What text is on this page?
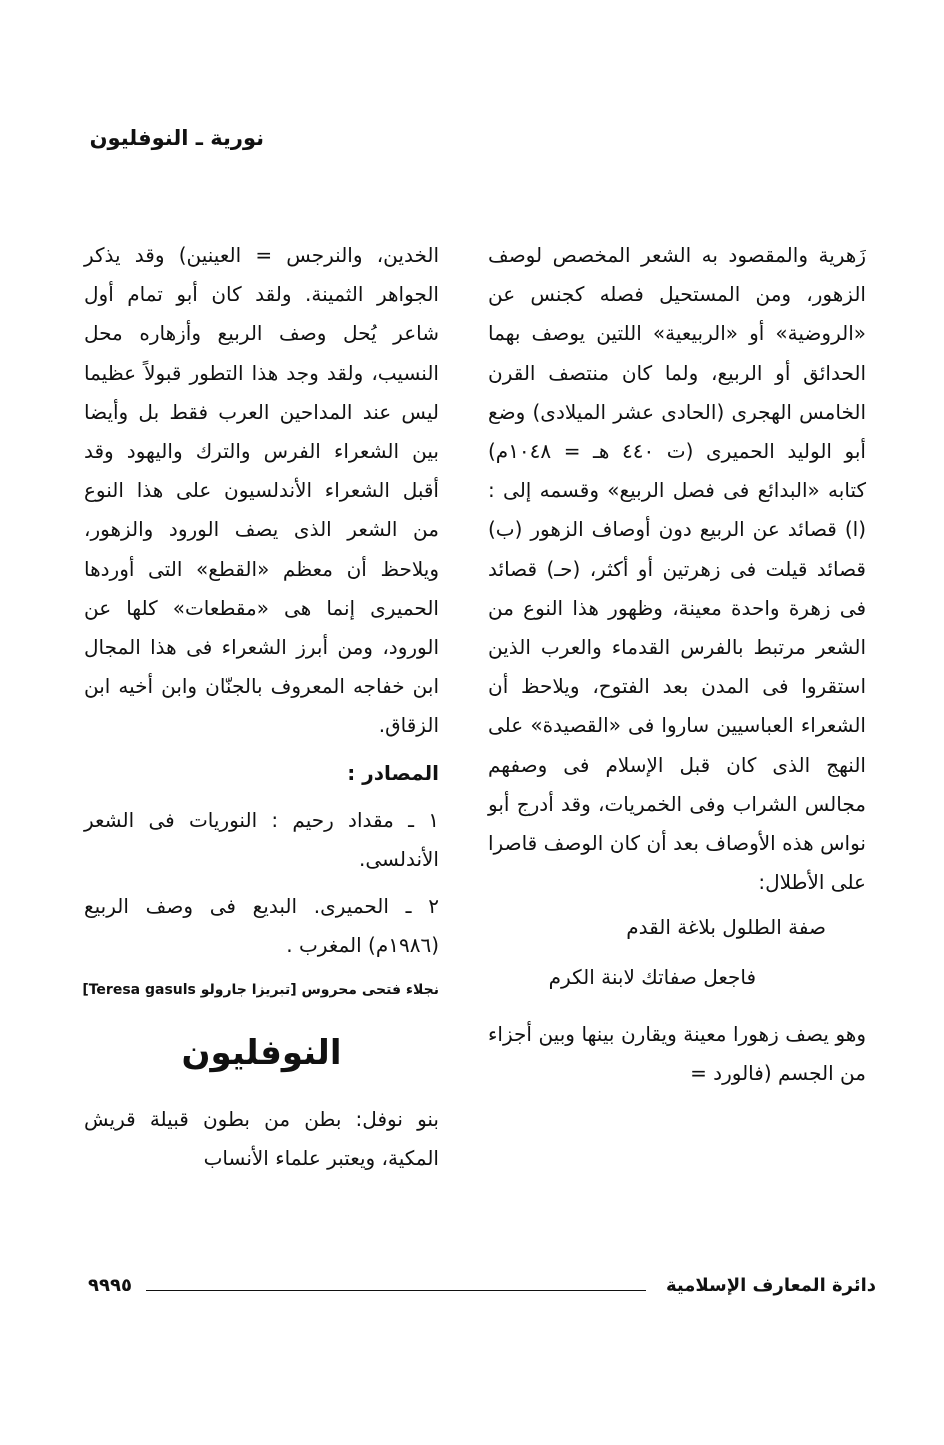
نورية ـ النوفليون

زَهرية والمقصود به الشعر المخصص لوصف الزهور، ومن المستحيل فصله كجنس عن «الروضية» أو «الربيعية» اللتين يوصف بهما الحدائق أو الربيع، ولما كان منتصف القرن الخامس الهجرى (الحادى عشر الميلادى) وضع أبو الوليد الحميرى (ت ٤٤٠ هـ = ١٠٤٨م) كتابه «البدائع فى فصل الربيع» وقسمه إلى : (ا) قصائد عن الربيع دون أوصاف الزهور (ب) قصائد قيلت فى زهرتين أو أكثر، (حـ) قصائد فى زهرة واحدة معينة، وظهور هذا النوع من الشعر مرتبط بالفرس القدماء والعرب الذين استقروا فى المدن بعد الفتوح، ويلاحظ أن الشعراء العباسيين ساروا فى «القصيدة» على النهج الذى كان قبل الإسلام فى وصفهم مجالس الشراب وفى الخمريات، وقد أدرج أبو نواس هذه الأوصاف بعد أن كان الوصف قاصرا على الأطلال:

صفة الطلول بلاغة القدم

فاجعل صفاتك لابنة الكرم

وهو يصف زهورا معينة ويقارن بينها وبين أجزاء من الجسم (فالورد =

الخدين، والنرجس = العينين) وقد يذكر الجواهر الثمينة. ولقد كان أبو تمام أول شاعر يُحل وصف الربيع وأزهاره محل النسيب، ولقد وجد هذا التطور قبولاً عظيما ليس عند المداحين العرب فقط بل وأيضا بين الشعراء الفرس والترك واليهود وقد أقبل الشعراء الأندلسيون على هذا النوع من الشعر الذى يصف الورود والزهور، ويلاحظ أن معظم «القطع» التى أوردها الحميرى إنما هى «مقطعات» كلها عن الورود، ومن أبرز الشعراء فى هذا المجال ابن خفاجه المعروف بالجنّان وابن أخيه ابن الزقاق.

المصادر :

١ ـ مقداد رحيم : النوريات فى الشعر الأندلسى.

٢ ـ الحميرى. البديع فى وصف الربيع (١٩٨٦م) المغرب .

نجلاء فتحى محروس [تبريزا جارولو Teresa gasuls]

النوفليون

بنو نوفل: بطن من بطون قبيلة قريش المكية، ويعتبر علماء الأنساب

دائرة المعارف الإسلامية
٩٩٩٥
